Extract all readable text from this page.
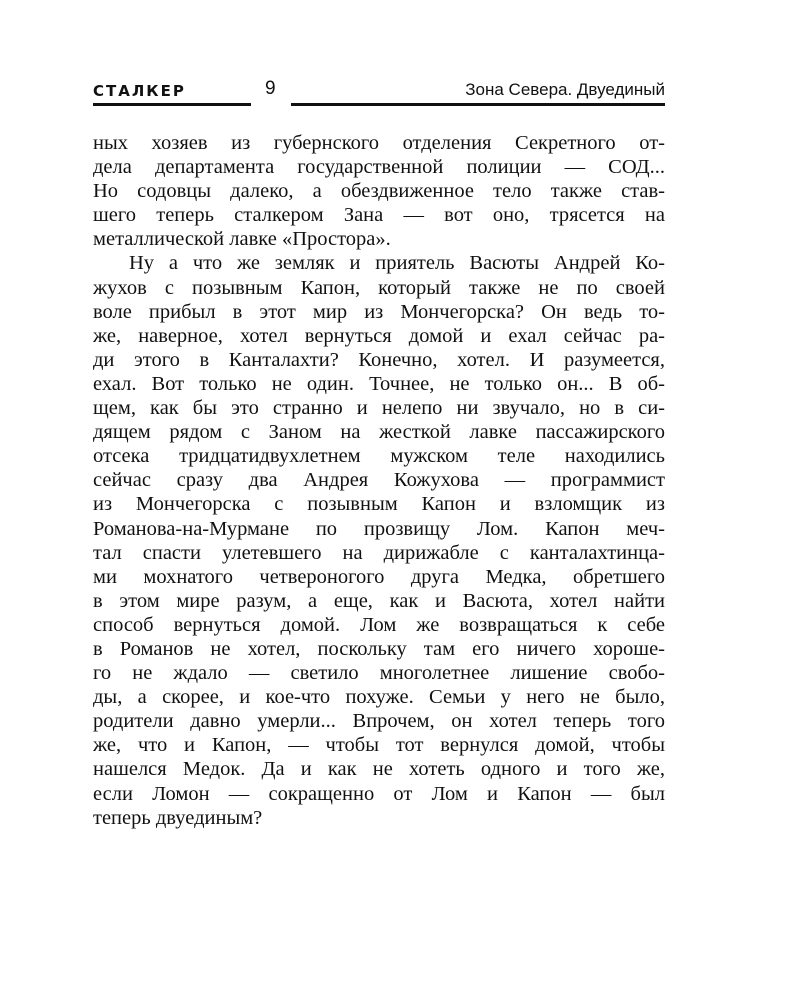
СТАЛКЕР	9	Зона Севера. Двуединый
ных хозяев из губернского отделения Секретного от-
дела департамента государственной полиции — СОД...
Но содовцы далеко, а обездвиженное тело также став-
шего теперь сталкером Зана — вот оно, трясется на
металлической лавке «Простора».
Ну а что же земляк и приятель Васюты Андрей Ко-
жухов с позывным Капон, который также не по своей
воле прибыл в этот мир из Мончегорска? Он ведь то-
же, наверное, хотел вернуться домой и ехал сейчас ра-
ди этого в Канталахти? Конечно, хотел. И разумеется,
ехал. Вот только не один. Точнее, не только он... В об-
щем, как бы это странно и нелепо ни звучало, но в си-
дящем рядом с Заном на жесткой лавке пассажирского
отсека тридцатидвухлетнем мужском теле находились
сейчас сразу два Андрея Кожухова — программист
из Мончегорска с позывным Капон и взломщик из
Романова-на-Мурмане по прозвищу Лом. Капон меч-
тал спасти улетевшего на дирижабле с канталахтинца-
ми мохнатого четвероногого друга Медка, обретшего
в этом мире разум, а еще, как и Васюта, хотел найти
способ вернуться домой. Лом же возвращаться к себе
в Романов не хотел, поскольку там его ничего хороше-
го не ждало — светило многолетнее лишение свобо-
ды, а скорее, и кое-что похуже. Семьи у него не было,
родители давно умерли... Впрочем, он хотел теперь того
же, что и Капон, — чтобы тот вернулся домой, чтобы
нашелся Медок. Да и как не хотеть одного и того же,
если Ломон — сокращенно от Лом и Капон — был
теперь двуединым?
